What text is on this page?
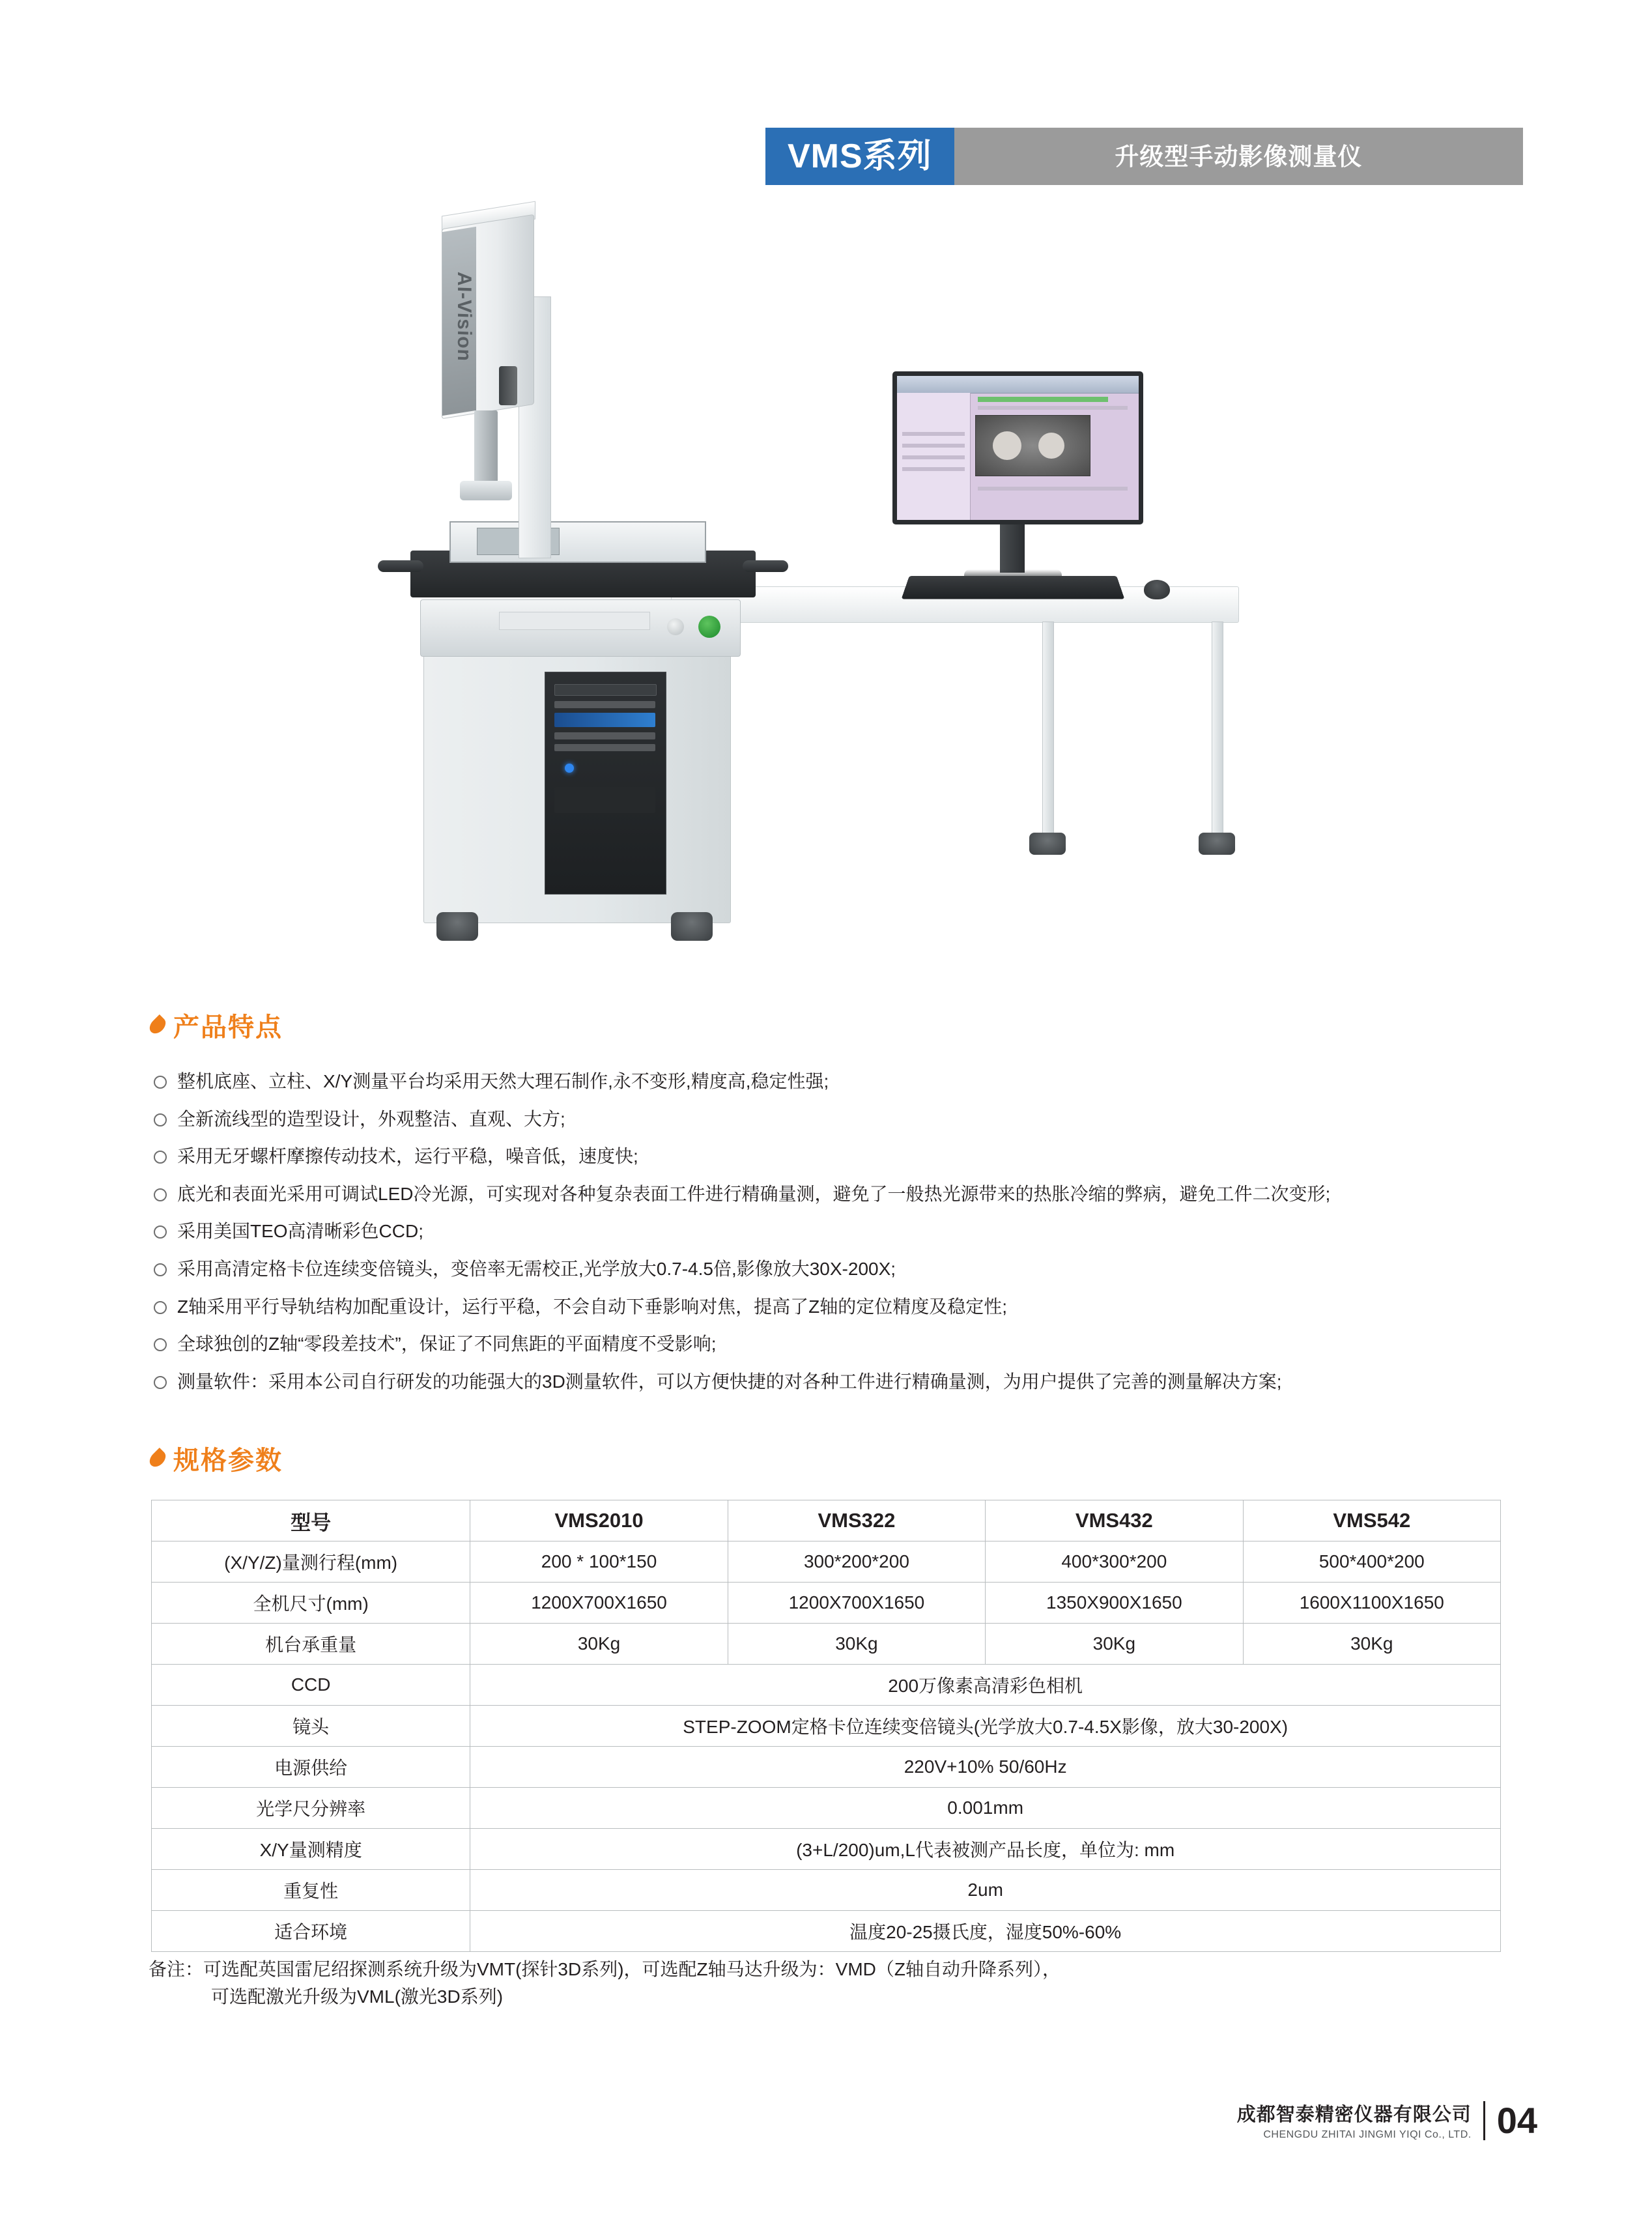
VMS系列	升级型手动影像测量仪
AI-Vision
产品特点
整机底座、立柱、X/Y测量平台均采用天然大理石制作,永不变形,精度高,稳定性强;
全新流线型的造型设计，外观整洁、直观、大方;
采用无牙螺杆摩擦传动技术，运行平稳，噪音低，速度快;
底光和表面光采用可调试LED冷光源，可实现对各种复杂表面工件进行精确量测，避免了一般热光源带来的热胀冷缩的弊病，避免工件二次变形;
采用美国TEO高清晰彩色CCD;
采用高清定格卡位连续变倍镜头，变倍率无需校正,光学放大0.7-4.5倍,影像放大30X-200X;
Z轴采用平行导轨结构加配重设计，运行平稳，不会自动下垂影响对焦，提高了Z轴的定位精度及稳定性;
全球独创的Z轴“零段差技术”，保证了不同焦距的平面精度不受影响;
测量软件：采用本公司自行研发的功能强大的3D测量软件，可以方便快捷的对各种工件进行精确量测，为用户提供了完善的测量解决方案;
规格参数
型号	VMS2010	VMS322	VMS432	VMS542
(X/Y/Z)量测行程(mm)	200 * 100*150	300*200*200	400*300*200	500*400*200
全机尺寸(mm)	1200X700X1650	1200X700X1650	1350X900X1650	1600X1100X1650
机台承重量	30Kg	30Kg	30Kg	30Kg
CCD	200万像素高清彩色相机			
镜头	STEP-ZOOM定格卡位连续变倍镜头(光学放大0.7-4.5X影像，放大30-200X)			
电源供给	220V+10% 50/60Hz			
光学尺分辨率	0.001mm			
X/Y量测精度	(3+L/200)um,L代表被测产品长度，单位为: mm			
重复性	2um			
适合环境	温度20-25摄氏度，湿度50%-60%			
备注：可选配英国雷尼绍探测系统升级为VMT(探针3D系列)，可选配Z轴马达升级为：VMD（Z轴自动升降系列），
可选配激光升级为VML(激光3D系列)
成都智泰精密仪器有限公司
CHENGDU ZHITAI JINGMI YIQI Co., LTD. 04
